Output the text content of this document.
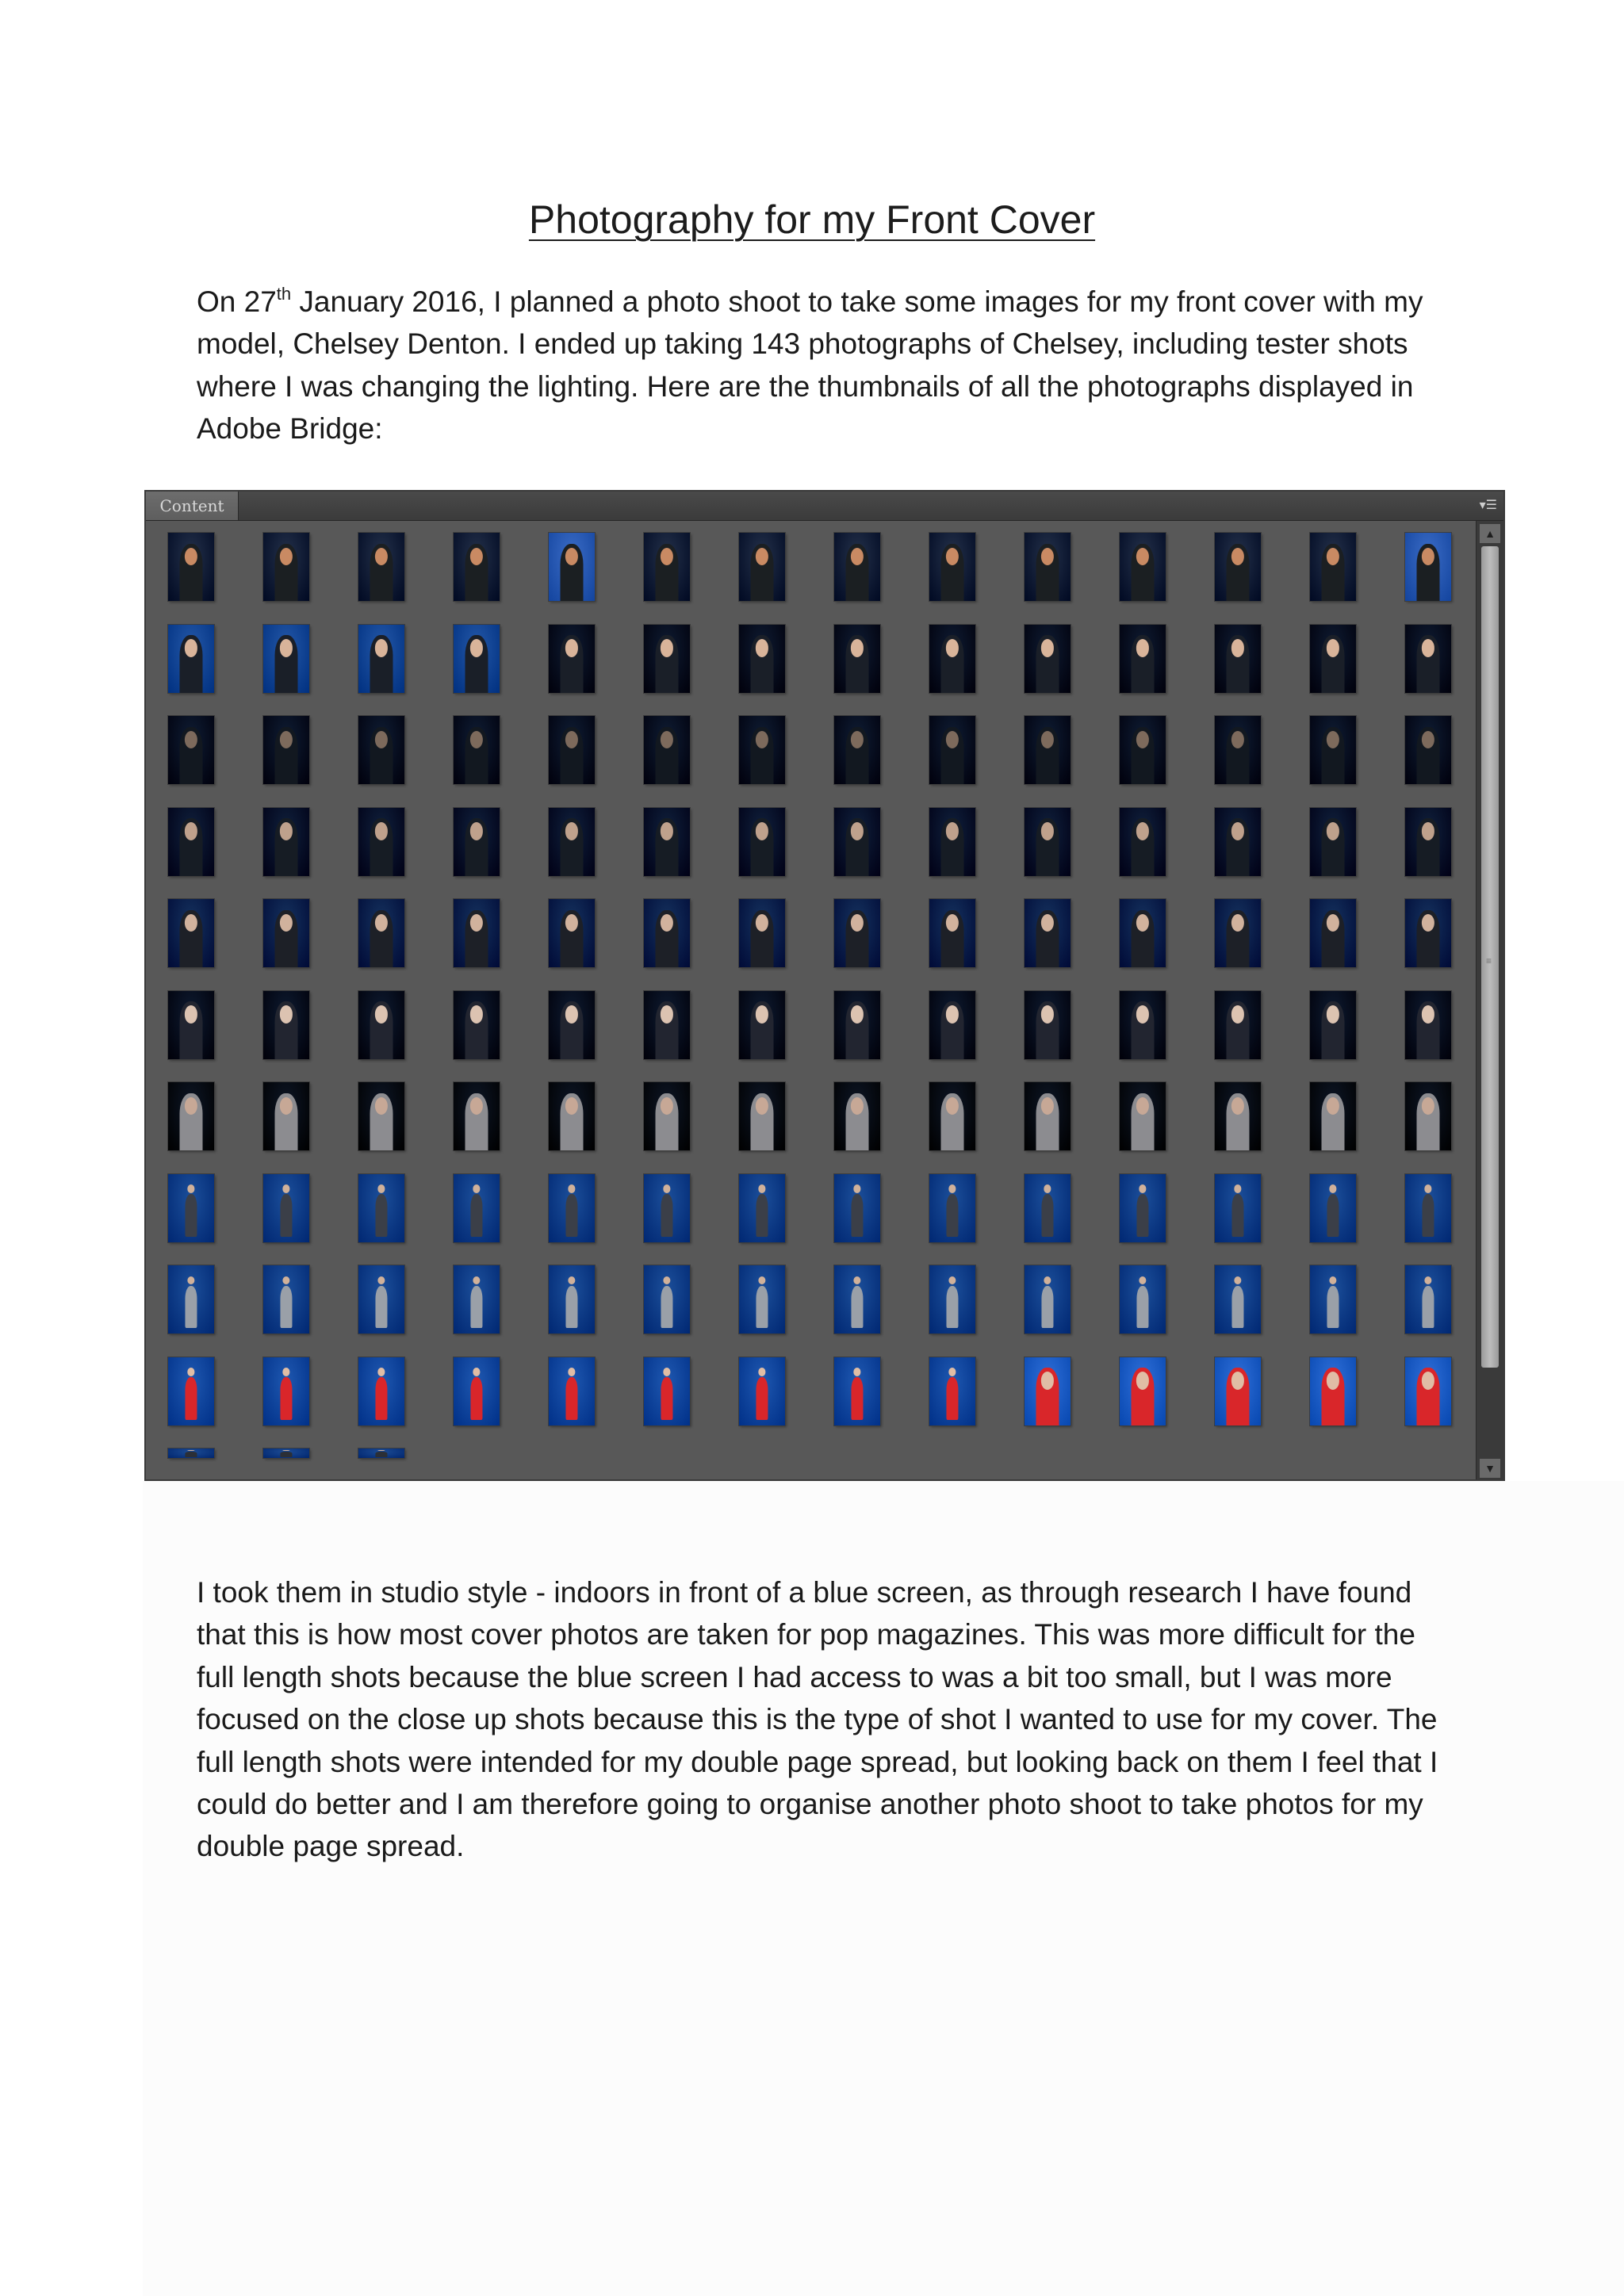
Photography for my Front Cover

On 27th January 2016, I planned a photo shoot to take some images for my front cover with my model, Chelsey Denton. I ended up taking 143 photographs of Chelsey, including tester shots where I was changing the lighting. Here are the thumbnails of all the photographs displayed in Adobe Bridge:

Content	▾☰
▲
≡
▼

I took them in studio style - indoors in front of a blue screen, as through research I have found that this is how most cover photos are taken for pop magazines. This was more difficult for the full length shots because the blue screen I had access to was a bit too small, but I was more focused on the close up shots because this is the type of shot I wanted to use for my cover. The full length shots were intended for my double page spread, but looking back on them I feel that I could do better and I am therefore going to organise another photo shoot to take photos for my double page spread.
